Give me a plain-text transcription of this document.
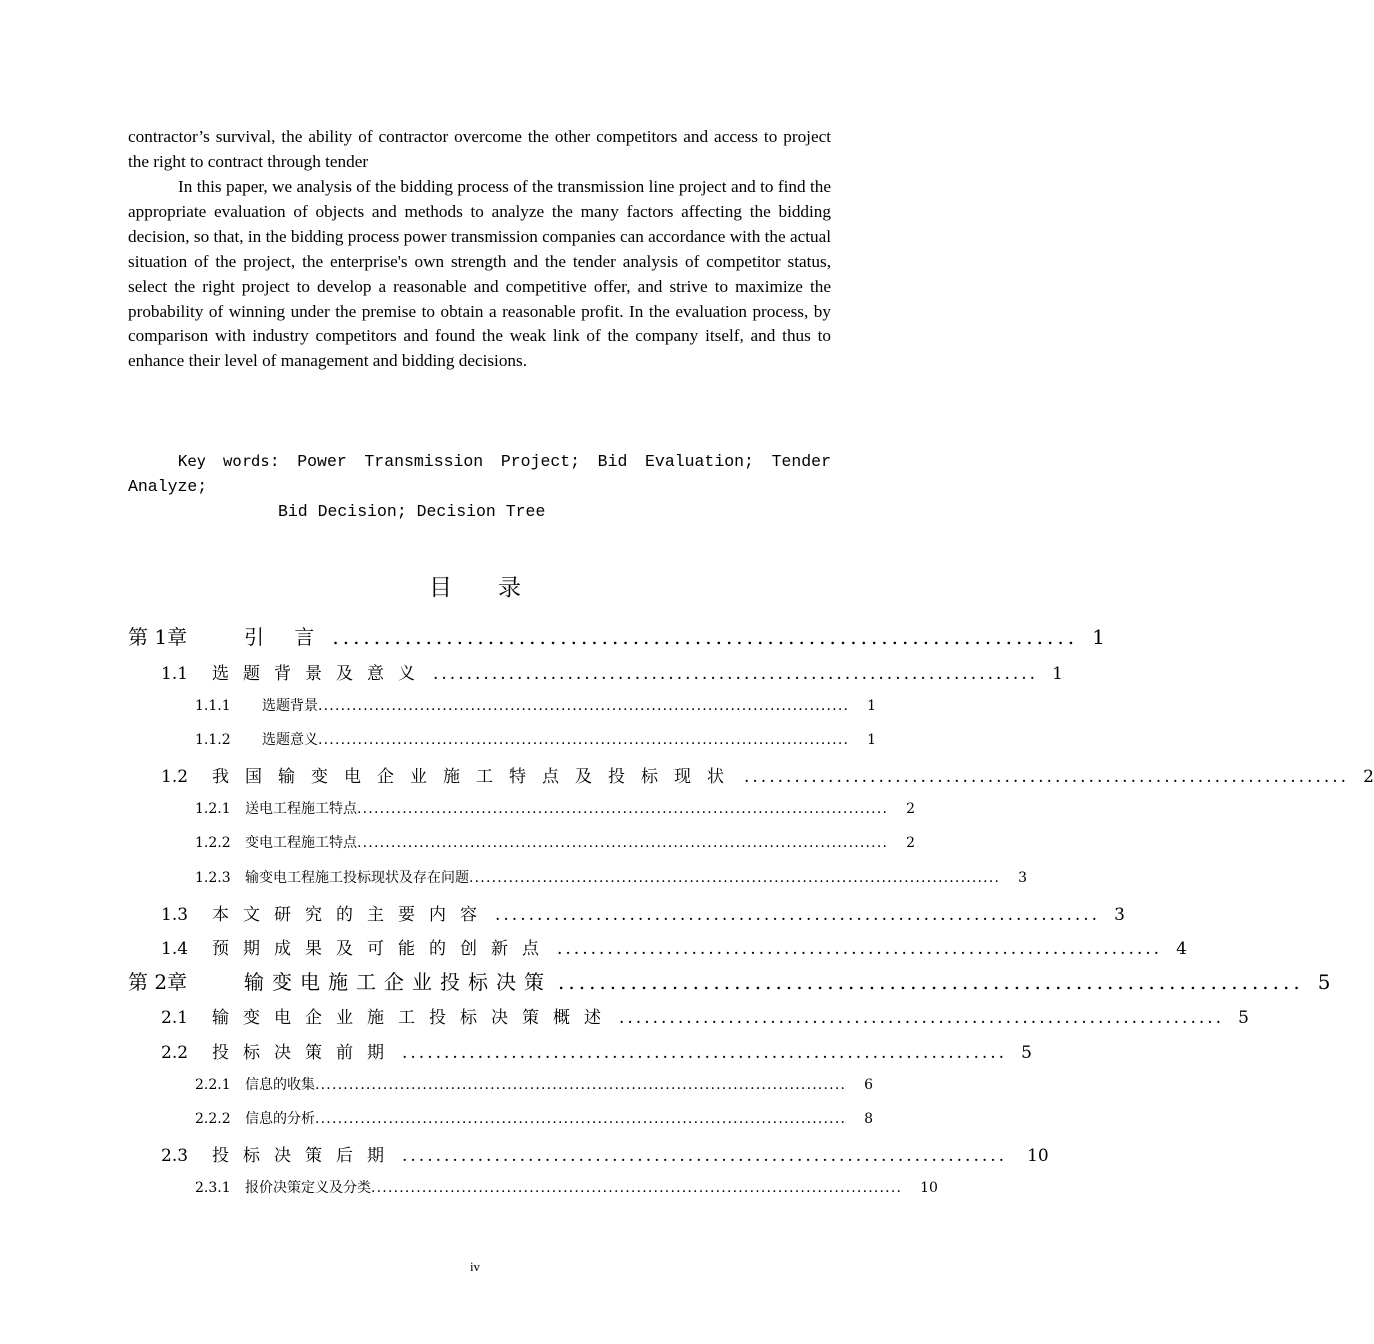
contractor’s survival, the ability of contractor overcome the other competitors and access to project the right to contract through tender

In this paper, we analysis of the bidding process of the transmission line project and to find the appropriate evaluation of objects and methods to analyze the many factors affecting the bidding decision, so that, in the bidding process power transmission companies can accordance with the actual situation of the project, the enterprise's own strength and the tender analysis of competitor status, select the right project to develop a reasonable and competitive offer, and strive to maximize the probability of winning under the premise to obtain a reasonable profit. In the evaluation process, by comparison with industry competitors and found the weak link of the company itself, and thus to enhance their level of management and bidding decisions.

Key words: Power Transmission Project; Bid Evaluation; Tender
Analyze;
Bid Decision; Decision Tree
目 录
第 1章	引 言 ........................................................................ 1
1.1 选题背景及意义 ........................................................................ 1
1.1.1 选题背景 .............................................................................................. 1
1.1.2 选题意义 .............................................................................................. 1
1.2 我国输变电企业施工特点及投标现状 ........................................................................ 2
1.2.1 送电工程施工特点 .............................................................................................. 2
1.2.2 变电工程施工特点 .............................................................................................. 2
1.2.3 输变电工程施工投标现状及存在问题 .............................................................................................. 3
1.3 本文研究的主要内容 ........................................................................ 3
1.4 预期成果及可能的创新点 ........................................................................ 4
第 2章	输变电施工企业投标决策 ........................................................................ 5
2.1 输变电企业施工投标决策概述 ........................................................................ 5
2.2 投标决策前期 ........................................................................ 5
2.2.1 信息的收集 .............................................................................................. 6
2.2.2 信息的分析 .............................................................................................. 8
2.3 投标决策后期 ........................................................................ 10
2.3.1 报价决策定义及分类 .............................................................................................. 10
iv
